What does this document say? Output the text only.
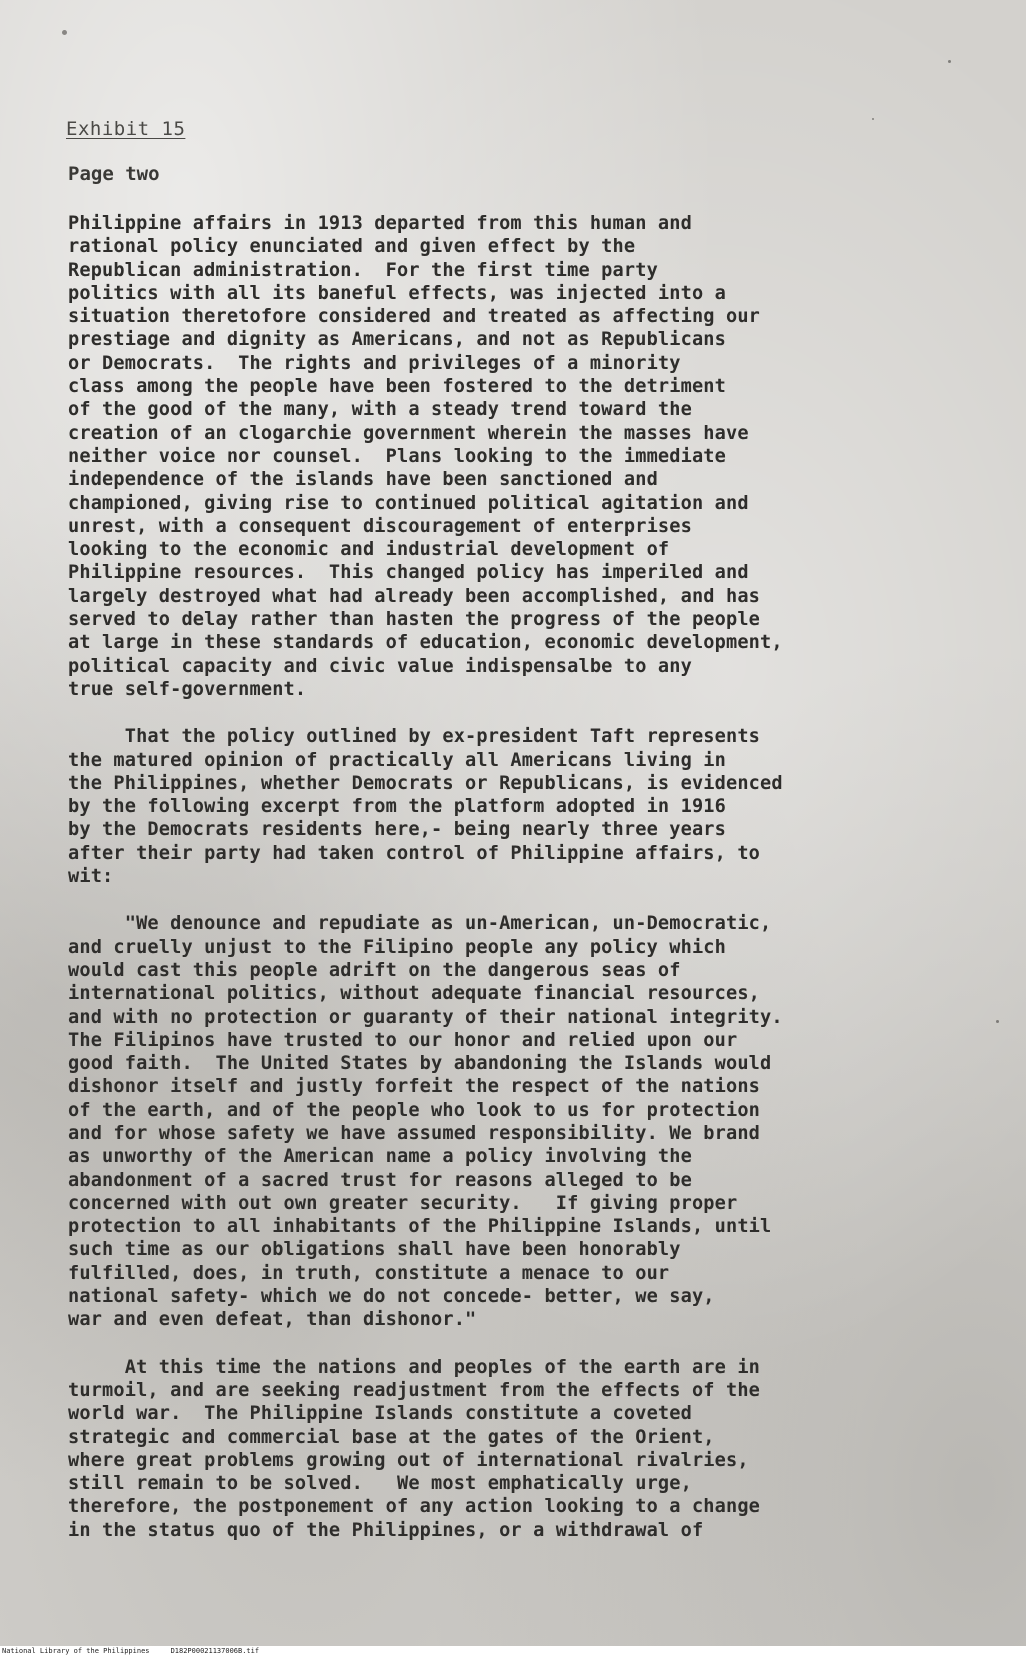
Exhibit 15
Page two
Philippine affairs in 1913 departed from this human and
rational policy enunciated and given effect by the
Republican administration.  For the first time party
politics with all its baneful effects, was injected into a
situation theretofore considered and treated as affecting our
prestiage and dignity as Americans, and not as Republicans
or Democrats.  The rights and privileges of a minority
class among the people have been fostered to the detriment
of the good of the many, with a steady trend toward the
creation of an clogarchie government wherein the masses have
neither voice nor counsel.  Plans looking to the immediate
independence of the islands have been sanctioned and
championed, giving rise to continued political agitation and
unrest, with a consequent discouragement of enterprises
looking to the economic and industrial development of
Philippine resources.  This changed policy has imperiled and
largely destroyed what had already been accomplished, and has
served to delay rather than hasten the progress of the people
at large in these standards of education, economic development,
political capacity and civic value indispensalbe to any
true self-government.
That the policy outlined by ex-president Taft represents
the matured opinion of practically all Americans living in
the Philippines, whether Democrats or Republicans, is evidenced
by the following excerpt from the platform adopted in 1916
by the Democrats residents here,- being nearly three years
after their party had taken control of Philippine affairs, to
wit:
"We denounce and repudiate as un-American, un-Democratic,
and cruelly unjust to the Filipino people any policy which
would cast this people adrift on the dangerous seas of
international politics, without adequate financial resources,
and with no protection or guaranty of their national integrity.
The Filipinos have trusted to our honor and relied upon our
good faith.  The United States by abandoning the Islands would
dishonor itself and justly forfeit the respect of the nations
of the earth, and of the people who look to us for protection
and for whose safety we have assumed responsibility. We brand
as unworthy of the American name a policy involving the
abandonment of a sacred trust for reasons alleged to be
concerned with out own greater security.   If giving proper
protection to all inhabitants of the Philippine Islands, until
such time as our obligations shall have been honorably
fulfilled, does, in truth, constitute a menace to our
national safety- which we do not concede- better, we say,
war and even defeat, than dishonor."
At this time the nations and peoples of the earth are in
turmoil, and are seeking readjustment from the effects of the
world war.  The Philippine Islands constitute a coveted
strategic and commercial base at the gates of the Orient,
where great problems growing out of international rivalries,
still remain to be solved.   We most emphatically urge,
therefore, the postponement of any action looking to a change
in the status quo of the Philippines, or a withdrawal of
National Library of the Philippines     D182P00021137006B.tif
